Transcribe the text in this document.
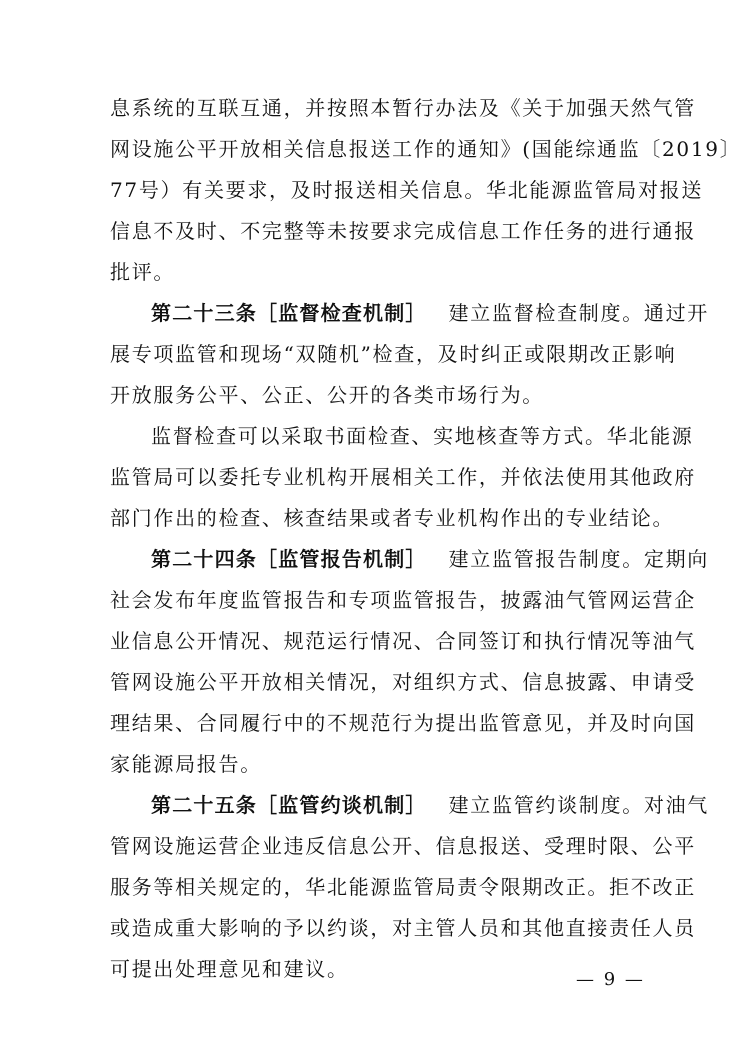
息系统的互联互通，并按照本暂行办法及《关于加强天然气管
网设施公平开放相关信息报送工作的通知》(国能综通监〔2019〕
77号）有关要求，及时报送相关信息。华北能源监管局对报送
信息不及时、不完整等未按要求完成信息工作任务的进行通报
批评。
第二十三条［监督检查机制］ 建立监督检查制度。通过开
展专项监管和现场“双随机”检查，及时纠正或限期改正影响
开放服务公平、公正、公开的各类市场行为。
监督检查可以采取书面检查、实地核查等方式。华北能源
监管局可以委托专业机构开展相关工作，并依法使用其他政府
部门作出的检查、核查结果或者专业机构作出的专业结论。
第二十四条［监管报告机制］ 建立监管报告制度。定期向
社会发布年度监管报告和专项监管报告，披露油气管网运营企
业信息公开情况、规范运行情况、合同签订和执行情况等油气
管网设施公平开放相关情况，对组织方式、信息披露、申请受
理结果、合同履行中的不规范行为提出监管意见，并及时向国
家能源局报告。
第二十五条［监管约谈机制］ 建立监管约谈制度。对油气
管网设施运营企业违反信息公开、信息报送、受理时限、公平
服务等相关规定的，华北能源监管局责令限期改正。拒不改正
或造成重大影响的予以约谈，对主管人员和其他直接责任人员
可提出处理意见和建议。	— 9 —
